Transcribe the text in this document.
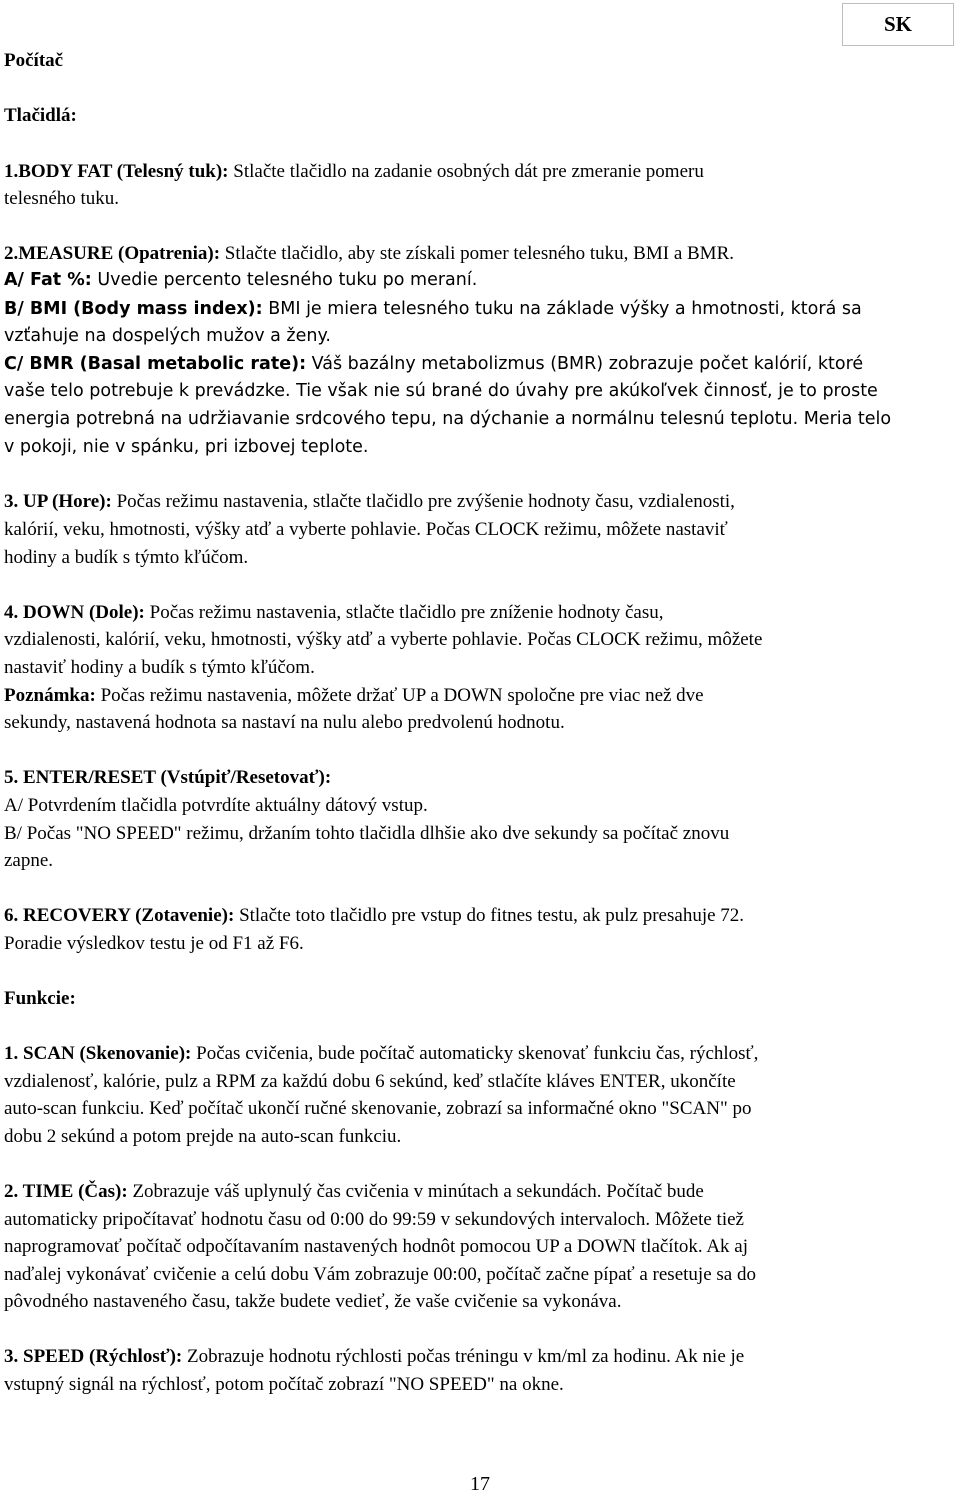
SK
Počítač
Tlačidlá:
1.BODY FAT (Telesný tuk): Stlačte tlačidlo na zadanie osobných dát pre zmeranie pomeru
telesného tuku.
2.MEASURE (Opatrenia): Stlačte tlačidlo, aby ste získali pomer telesného tuku, BMI a BMR.
A/ Fat %: Uvedie percento telesného tuku po meraní.
B/ BMI (Body mass index): BMI je miera telesného tuku na základe výšky a hmotnosti, ktorá sa
vzťahuje na dospelých mužov a ženy.
C/ BMR (Basal metabolic rate): Váš bazálny metabolizmus (BMR) zobrazuje počet kalórií, ktoré
vaše telo potrebuje k prevádzke. Tie však nie sú brané do úvahy pre akúkoľvek činnosť, je to proste
energia potrebná na udržiavanie srdcového tepu, na dýchanie a normálnu telesnú teplotu. Meria telo
v pokoji, nie v spánku, pri izbovej teplote.
3. UP (Hore): Počas režimu nastavenia, stlačte tlačidlo pre zvýšenie hodnoty času, vzdialenosti,
kalórií, veku, hmotnosti, výšky atď a vyberte pohlavie. Počas CLOCK režimu, môžete nastaviť
hodiny a budík s týmto kľúčom.
4. DOWN (Dole): Počas režimu nastavenia, stlačte tlačidlo pre zníženie hodnoty času,
vzdialenosti, kalórií, veku, hmotnosti, výšky atď a vyberte pohlavie. Počas CLOCK režimu, môžete
nastaviť hodiny a budík s týmto kľúčom.
Poznámka: Počas režimu nastavenia, môžete držať UP a DOWN spoločne pre viac než dve
sekundy, nastavená hodnota sa nastaví na nulu alebo predvolenú hodnotu.
5. ENTER/RESET (Vstúpiť/Resetovať):
A/ Potvrdením tlačidla potvrdíte aktuálny dátový vstup.
B/ Počas "NO SPEED" režimu, držaním tohto tlačidla dlhšie ako dve sekundy sa počítač znovu
zapne.
6. RECOVERY (Zotavenie): Stlačte toto tlačidlo pre vstup do fitnes testu, ak pulz presahuje 72.
Poradie výsledkov testu je od F1 až F6.
Funkcie:
1. SCAN (Skenovanie): Počas cvičenia, bude počítač automaticky skenovať funkciu čas, rýchlosť,
vzdialenosť, kalórie, pulz a RPM za každú dobu 6 sekúnd, keď stlačíte kláves ENTER, ukončíte
auto-scan funkciu. Keď počítač ukončí ručné skenovanie, zobrazí sa informačné okno "SCAN" po
dobu 2 sekúnd a potom prejde na auto-scan funkciu.
2. TIME (Čas): Zobrazuje váš uplynulý čas cvičenia v minútach a sekundách. Počítač bude
automaticky pripočítavať hodnotu času od 0:00 do 99:59 v sekundových intervaloch. Môžete tiež
naprogramovať počítač odpočítavaním nastavených hodnôt pomocou UP a DOWN tlačítok. Ak aj
naďalej vykonávať cvičenie a celú dobu Vám zobrazuje 00:00, počítač začne pípať a resetuje sa do
pôvodného nastaveného času, takže budete vedieť, že vaše cvičenie sa vykonáva.
3. SPEED (Rýchlosť): Zobrazuje hodnotu rýchlosti počas tréningu v km/ml za hodinu. Ak nie je
vstupný signál na rýchlosť, potom počítač zobrazí "NO SPEED" na okne.
17
